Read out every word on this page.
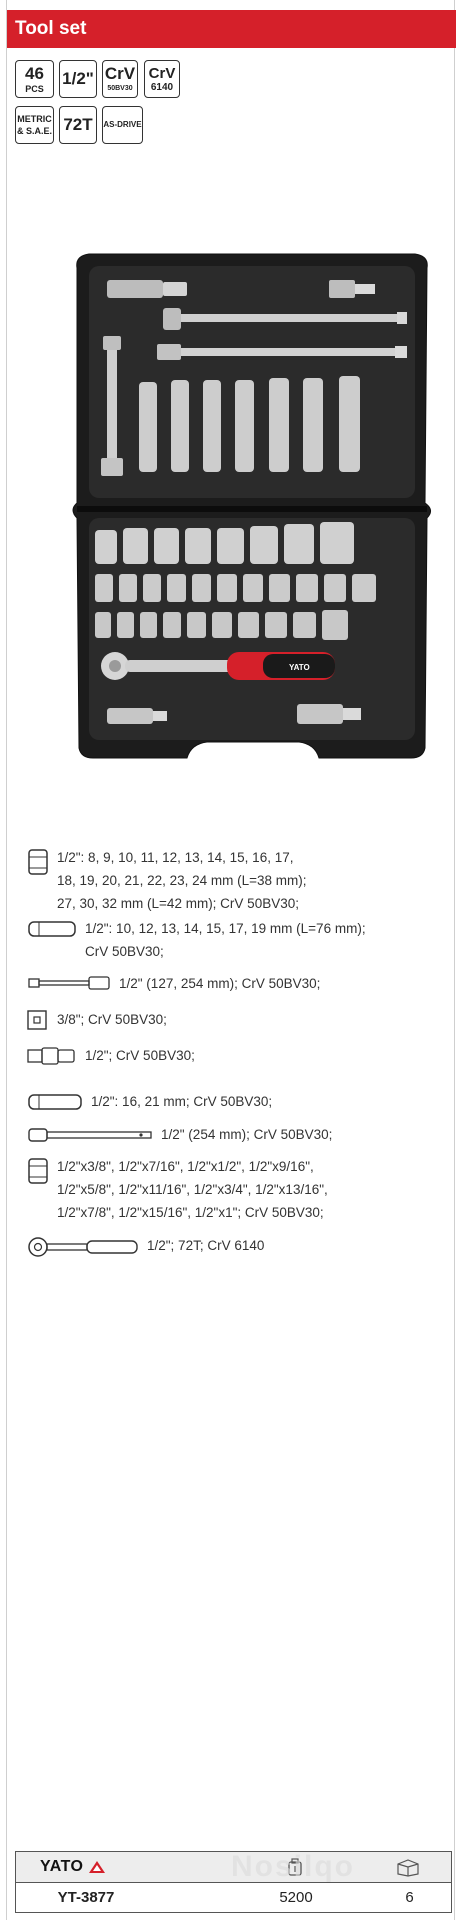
Tool set
46
PCS
1/2" CrV
50BV30
CrV
6140
METRIC
& S.A.E. 72T	AS-DRIVE
YATO
1/2": 8, 9, 10, 11, 12, 13, 14, 15, 16, 17,
18, 19, 20, 21, 22, 23, 24 mm (L=38 mm);
27, 30, 32 mm (L=42 mm); CrV 50BV30;
1/2": 10, 12, 13, 14, 15, 17, 19 mm (L=76 mm);
CrV 50BV30;
1/2" (127, 254 mm); CrV 50BV30;
3/8"; CrV 50BV30;
1/2"; CrV 50BV30;
1/2": 16, 21 mm; CrV 50BV30;
1/2" (254 mm); CrV 50BV30;
1/2"x3/8", 1/2"x7/16", 1/2"x1/2", 1/2"x9/16",
1/2"x5/8", 1/2"x11/16", 1/2"x3/4", 1/2"x13/16",
1/2"x7/8", 1/2"x15/16", 1/2"x1"; CrV 50BV30;
1/2"; 72T; CrV 6140
YATO
YT-3877	5200	6
Nosilqo
